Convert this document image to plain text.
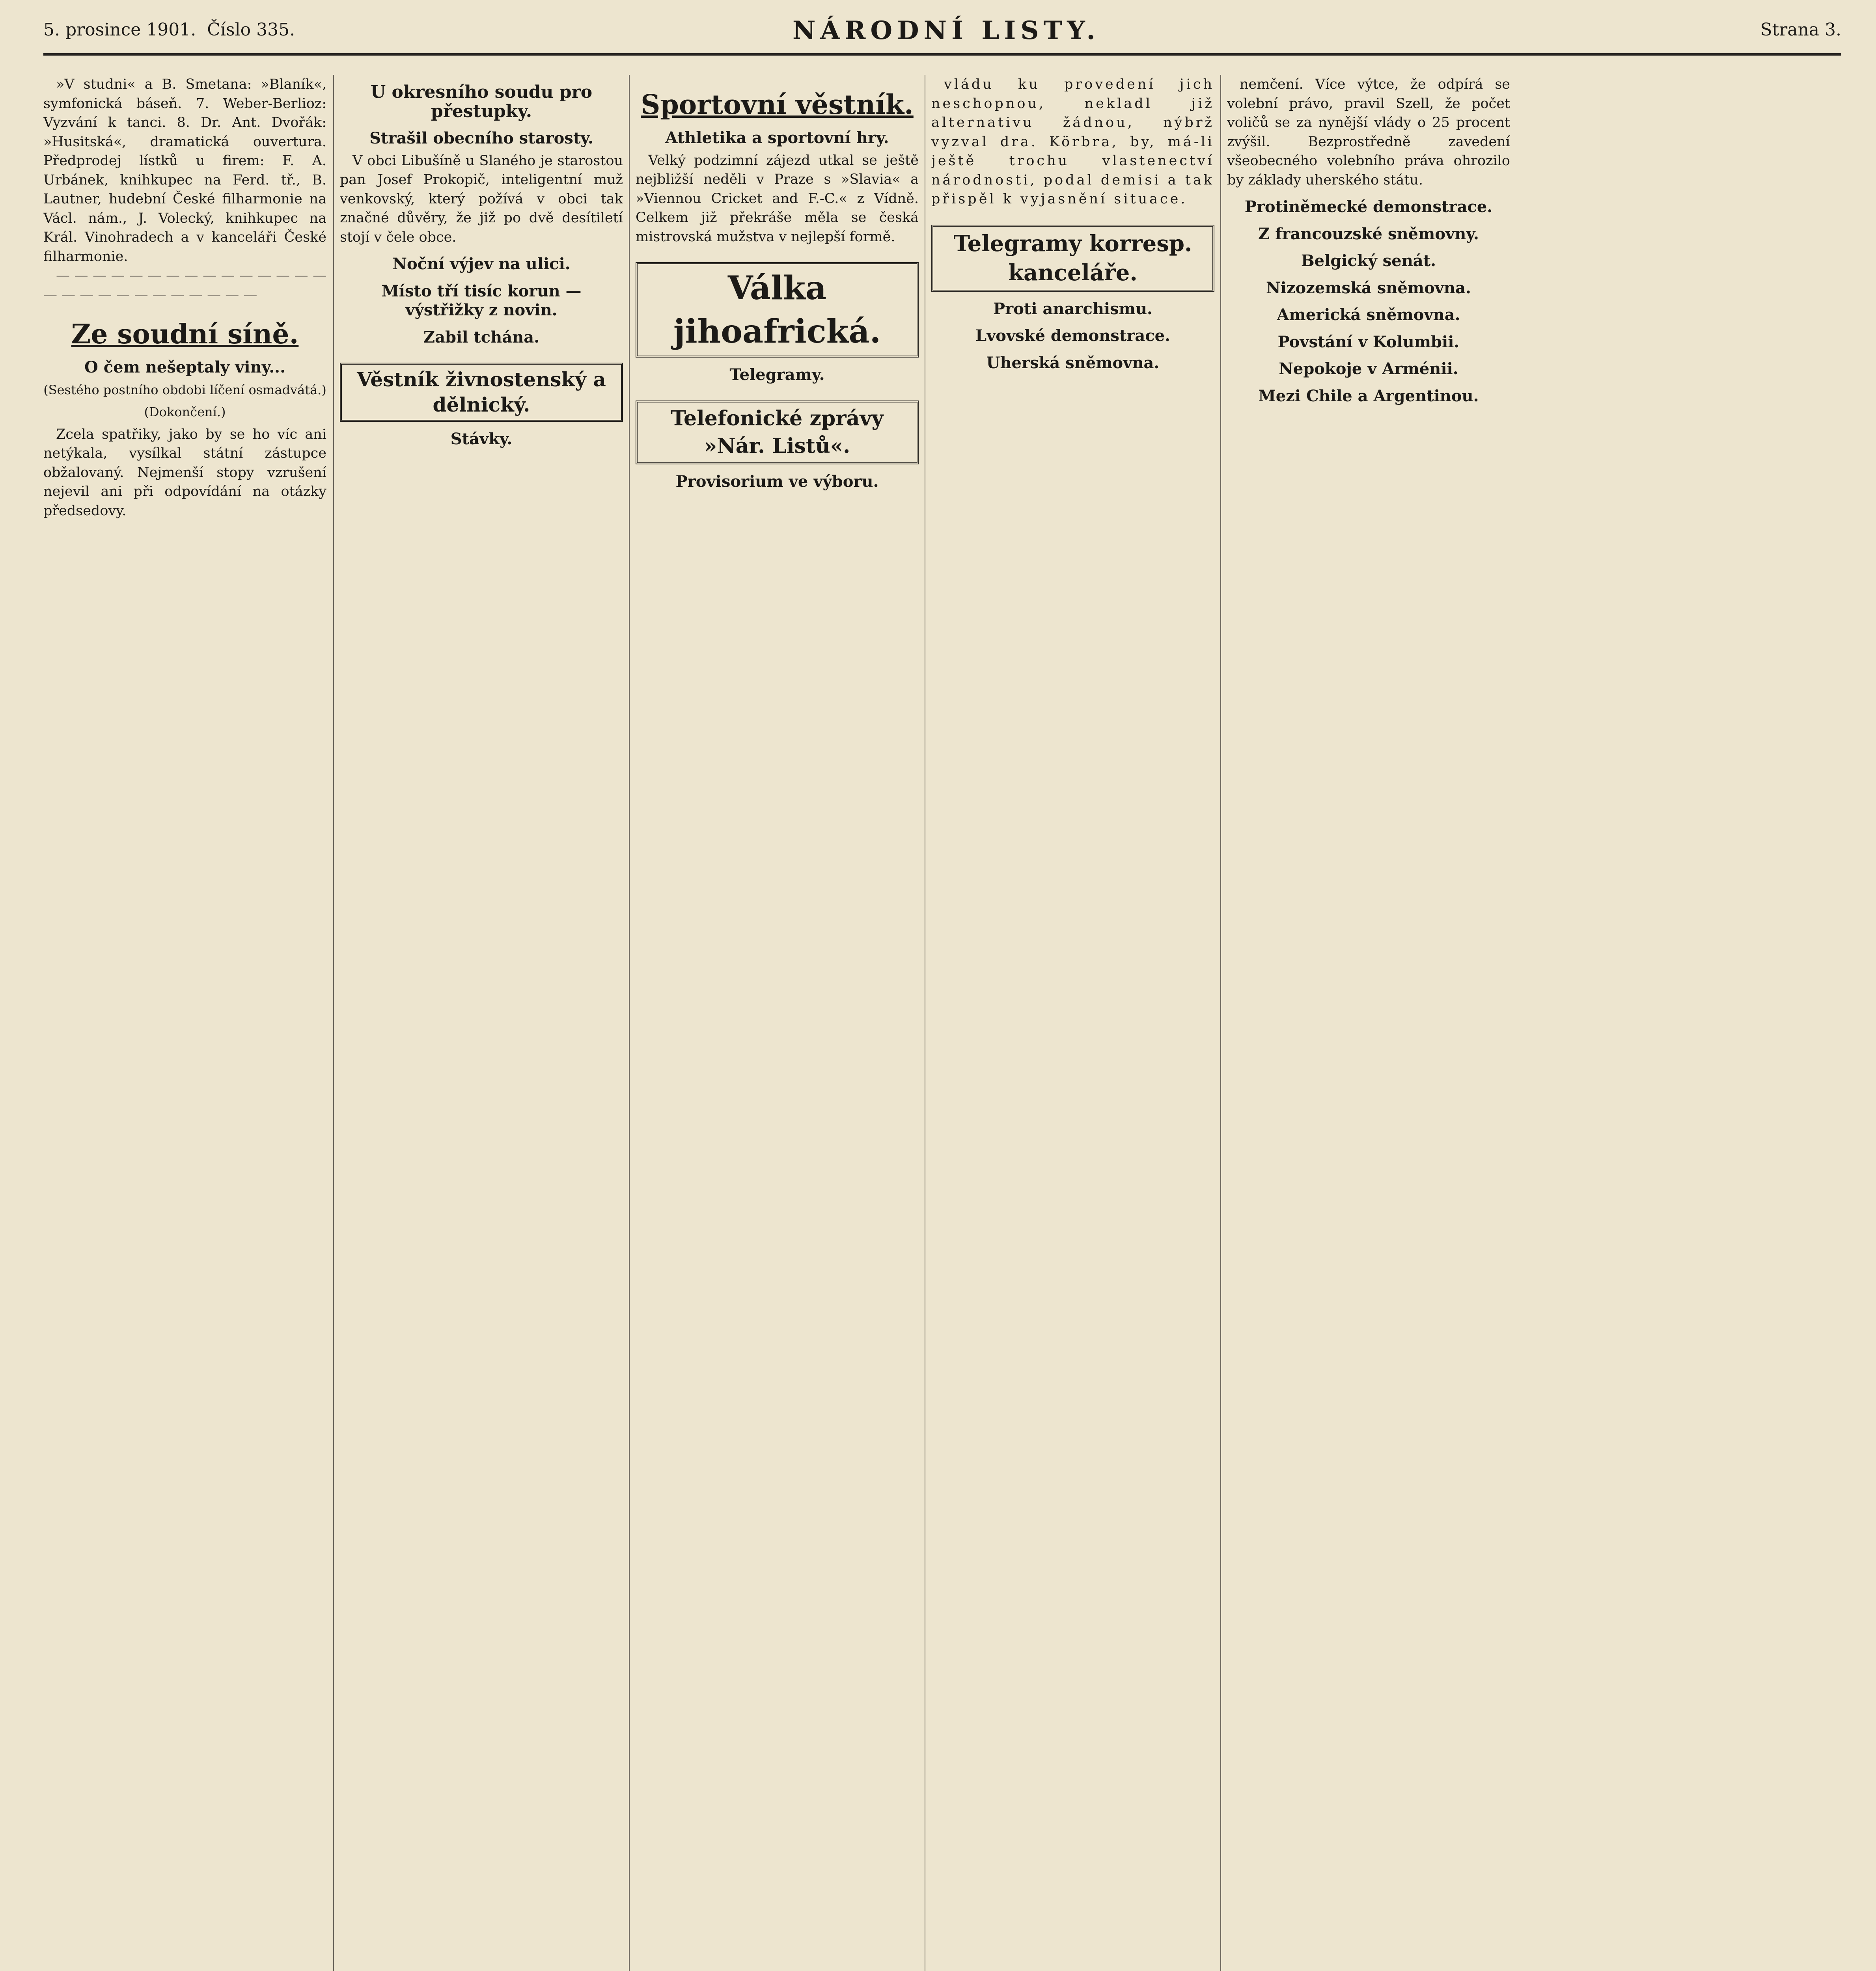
5. prosince 1901. Číslo 335.	NÁRODNÍ LISTY.	Strana 3.

»V studni« a B. Smetana: »Blaník«, symfonická báseň. 7. Weber-Berlioz: Vyzvání k tanci. 8. Dr. Ant. Dvořák: »Husitská«, dramatická ouvertura. Předprodej lístků u firem: F. A. Urbánek, knihkupec na Ferd. tř., B. Lautner, hudební České filharmonie na Václ. nám., J. Volecký, knihkupec na Král. Vinohradech a v kanceláři České filharmonie.

— — — — — — — — — — — — — — — — — — — — — — — — — — —

Ze soudní síně.
O čem nešeptaly viny...
(Sestého postního obdobi líčení osmadvátá.)
(Dokončení.)

Zcela spatřiky, jako by se ho víc ani netýkala, vysílkal státní zástupce obžalovaný. Nejmenší stopy vzrušení nejevil ani při odpovídání na otázky předsedovy.

U okresního soudu pro přestupky.
Strašil obecního starosty.

V obci Libušíně u Slaného je starostou pan Josef Prokopič, inteligentní muž venkovský, který požívá v obci tak značné důvěry, že již po dvě desítiletí stojí v čele obce.

Noční výjev na ulici.
Místo tří tisíc korun — výstřižky z novin.
Zabil tchána.
Věstník živnostenský a dělnický.
Stávky.
Sportovní věstník.
Athletika a sportovní hry.

Velký podzimní zájezd utkal se ještě nejbližší neděli v Praze s »Slavia« a »Viennou Cricket and F.-C.« z Vídně. Celkem již překráše měla se česká mistrovská mužstva v nejlepší formě.

Válka jihoafrická.
Telegramy.
Telefonické zprávy »Nár. Listů«.
Provisorium ve výboru.

vládu ku provedení jich neschopnou, nekladl již alternativu žádnou, nýbrž vyzval dra. Körbra, by, má-li ještě trochu vlastenectví národnosti, podal demisi a tak přispěl k vyjasnění situace.

Telegramy korresp. kanceláře.
Proti anarchismu.
Lvovské demonstrace.
Uherská sněmovna.

nemčení. Více výtce, že odpírá se volební právo, pravil Szell, že počet voličů se za nynější vlády o 25 procent zvýšil. Bezprostředně zavedení všeobecného volebního práva ohrozilo by základy uherského státu.

Protiněmecké demonstrace.
Z francouzské sněmovny.
Belgický senát.
Nizozemská sněmovna.
Americká sněmovna.
Povstání v Kolumbii.
Nepokoje v Arménii.
Mezi Chile a Argentinou.
